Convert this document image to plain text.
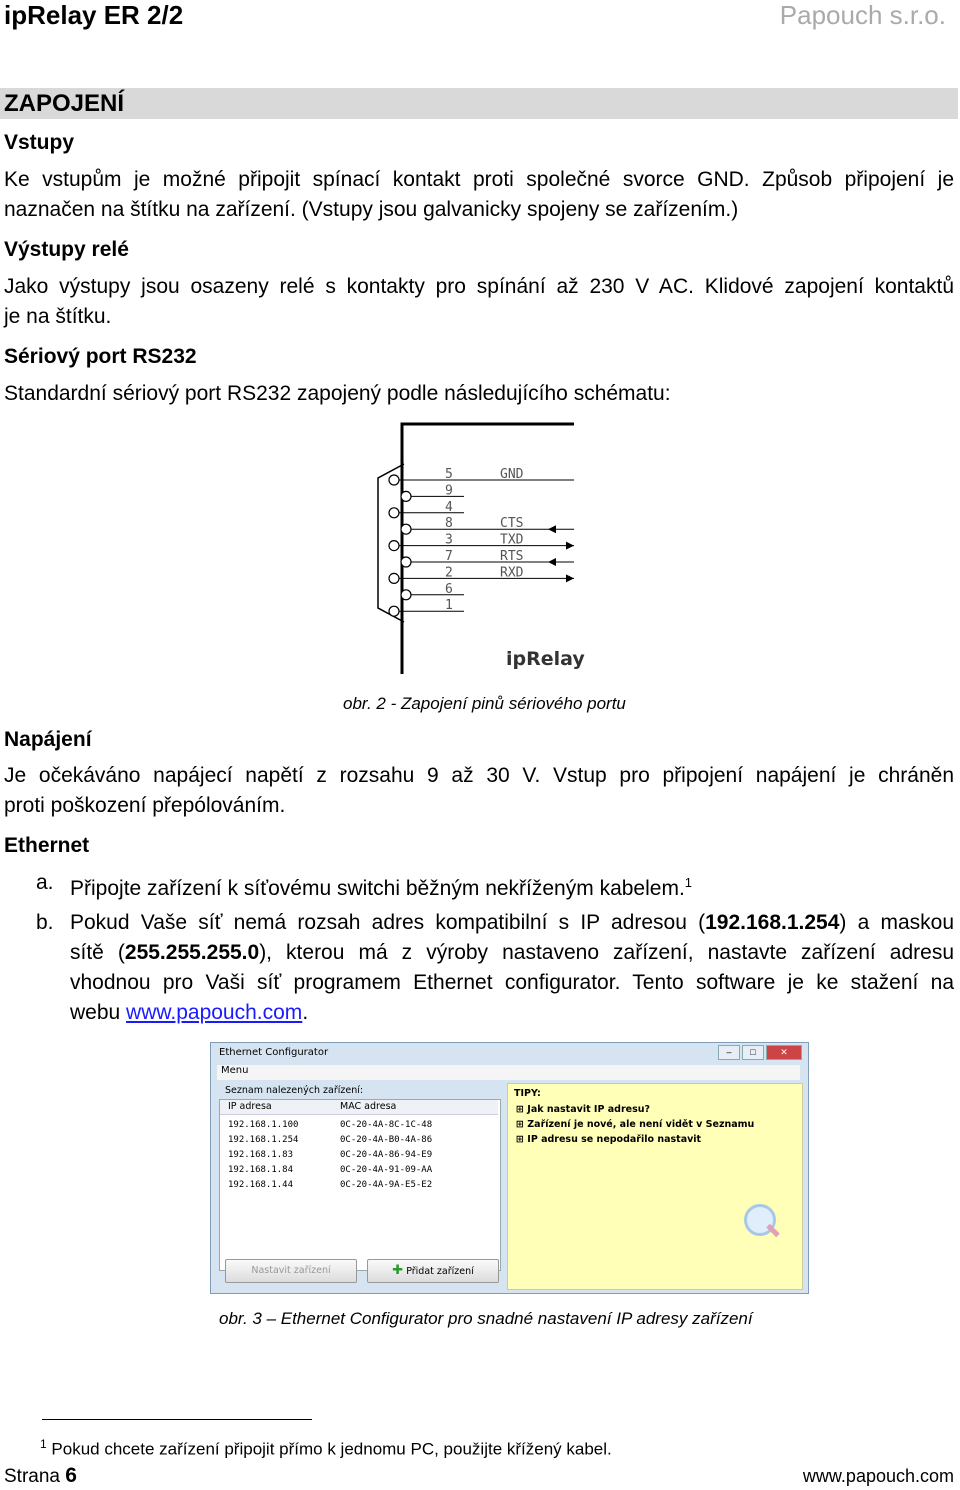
ipRelay ER 2/2	Papouch s.r.o.
ZAPOJENÍ
Vstupy
Ke vstupům je možné připojit spínací kontakt proti společné svorce GND. Způsob připojení je
naznačen na štítku na zařízení. (Vstupy jsou galvanicky spojeny se zařízením.)
Výstupy relé
Jako výstupy jsou osazeny relé s kontakty pro spínání až 230 V AC. Klidové zapojení kontaktů
je na štítku.
Sériový port RS232
Standardní sériový port RS232 zapojený podle následujícího schématu:
5
9
4
8
3
7
2
6
1
GND
CTS
TXD
RTS
RXD
ipRelay
obr. 2 - Zapojení pinů sériového portu
Napájení
Je očekáváno napájecí napětí z rozsahu 9 až 30 V. Vstup pro připojení napájení je chráněn
proti poškození přepólováním.
Ethernet
a. Připojte zařízení k síťovému switchi běžným nekříženým kabelem.$^1$
b. Pokud Vaše síť nemá rozsah adres kompatibilní s IP adresou (192.168.1.254) a maskou
sítě (255.255.255.0), kterou má z výroby nastaveno zařízení, nastavte zařízení adresu
vhodnou pro Vaši síť programem Ethernet configurator. Tento software je ke stažení na
webu www.papouch.com.
Ethernet Configurator	–	□	✕
Menu
Seznam nalezených zařízení:
IP adresa	MAC adresa
192.168.1.100	0C-20-4A-8C-1C-48
192.168.1.254	0C-20-4A-B0-4A-86
192.168.1.83	0C-20-4A-86-94-E9
192.168.1.84	0C-20-4A-91-09-AA
192.168.1.44	0C-20-4A-9A-E5-E2
TIPY:
⊞ Jak nastavit IP adresu?
⊞ Zařízení je nové, ale není vidět v Seznamu
⊞ IP adresu se nepodařilo nastavit
Nastavit zařízení	✚ Přidat zařízení
obr. 3 – Ethernet Configurator pro snadné nastavení IP adresy zařízení
$^1$ Pokud chcete zařízení připojit přímo k jednomu PC, použijte křížený kabel.
Strana 6	www.papouch.com
